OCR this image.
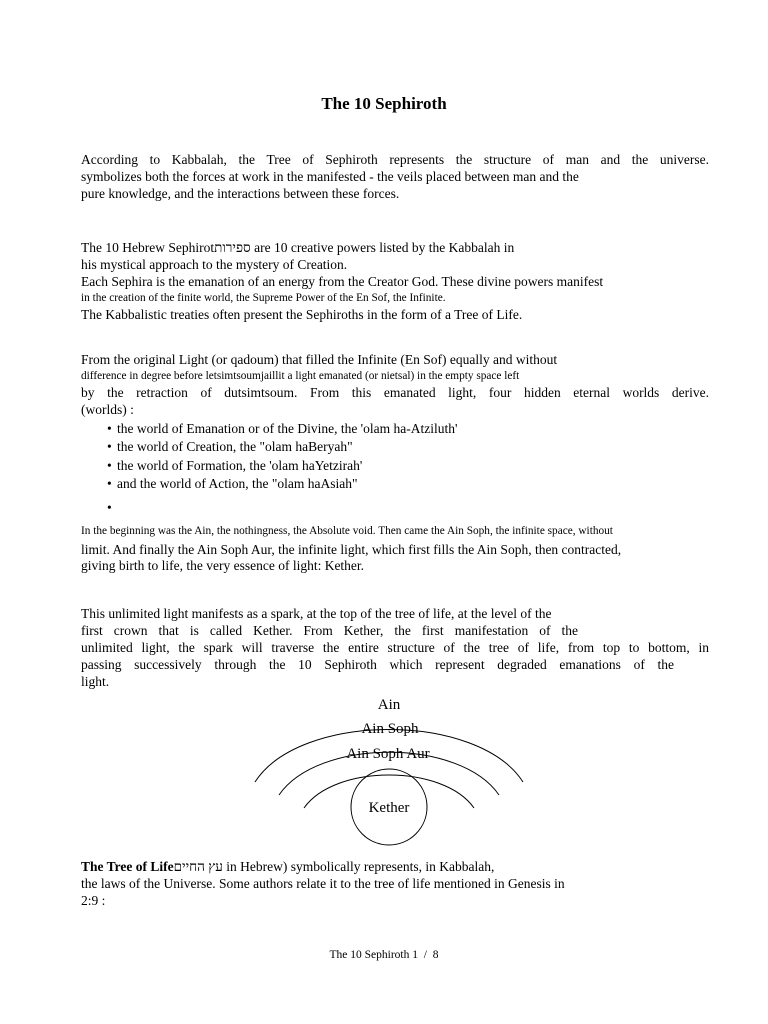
The 10 Sephiroth
According to Kabbalah, the Tree of Sephiroth represents the structure of man and the universe.
symbolizes both the forces at work in the manifested - the veils placed between man and the
pure knowledge, and the interactions between these forces.
The 10 Hebrew Sephirotספירות are 10 creative powers listed by the Kabbalah in
his mystical approach to the mystery of Creation.
Each Sephira is the emanation of an energy from the Creator God. These divine powers manifest
in the creation of the finite world, the Supreme Power of the En Sof, the Infinite.
The Kabbalistic treaties often present the Sephiroths in the form of a Tree of Life.
From the original Light (or qadoum) that filled the Infinite (En Sof) equally and without
difference in degree before letsimtsoumjaillit a light emanated (or nietsal) in the empty space left
by the retraction of dutsimtsoum. From this emanated light, four hidden eternal worlds derive.
(worlds) :
• the world of Emanation or of the Divine, the 'olam ha-Atziluth'
• the world of Creation, the "olam haBeryah"
• the world of Formation, the 'olam haYetzirah'
• and the world of Action, the "olam haAsiah"
•
In the beginning was the Ain, the nothingness, the Absolute void. Then came the Ain Soph, the infinite space, without
limit. And finally the Ain Soph Aur, the infinite light, which first fills the Ain Soph, then contracted,
giving birth to life, the very essence of light: Kether.
This unlimited light manifests as a spark, at the top of the tree of life, at the level of the
first crown that is called Kether. From Kether, the first manifestation of the
unlimited light, the spark will traverse the entire structure of the tree of life, from top to bottom, in
passing successively through the 10 Sephiroth which represent degraded emanations of the
light.
Ain
Ain Soph
Ain Soph Aur
Kether
The Tree of Lifeעץ החיים in Hebrew) symbolically represents, in Kabbalah,
the laws of the Universe. Some authors relate it to the tree of life mentioned in Genesis in
2:9 :
The 10 Sephiroth 1 / 8
